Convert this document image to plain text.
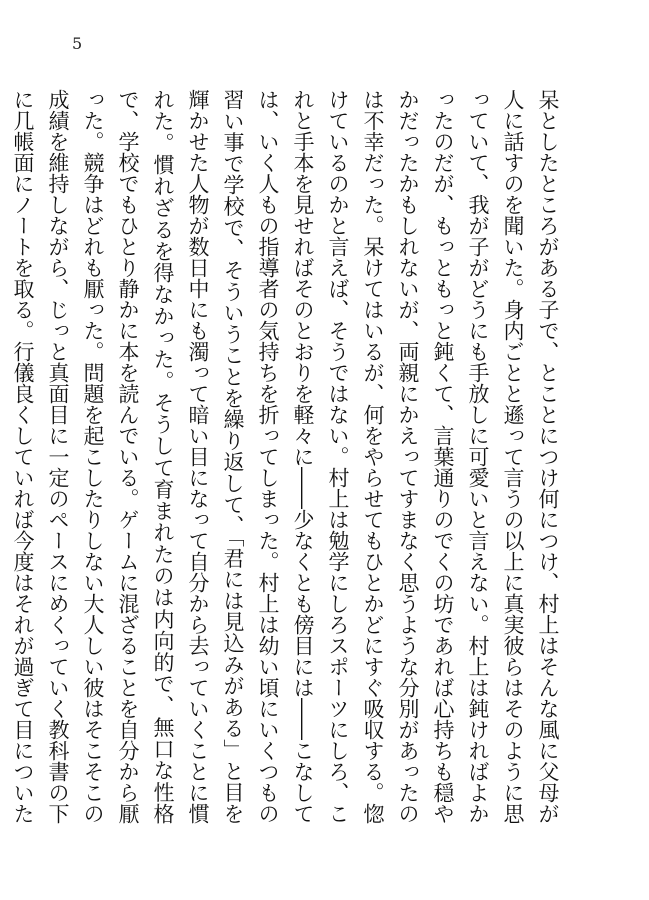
5

呆としたところがある子で、とことにつけ何につけ、村上はそんな風に父母が人に話すのを聞いた。身内ごとと遜って言うの以上に真実彼らはそのように思っていて、我が子がどうにも手放しに可愛いと言えない。村上は鈍ければよかったのだが、もっともっと鈍くて、言葉通りのでくの坊であれば心持ちも穏やかだったかもしれないが、両親にかえってすまなく思うような分別があったのは不幸だった。呆けてはいるが、何をやらせてもひとかどにすぐ吸収する。惚けているのかと言えば、そうではない。村上は勉学にしろスポーツにしろ、これと手本を見せればそのとおりを軽々に――少なくとも傍目には――こなしては、いく人もの指導者の気持ちを折ってしまった。村上は幼い頃にいくつもの習い事で学校で、そういうことを繰り返して、「君には見込みがある」と目を輝かせた人物が数日中にも濁って暗い目になって自分から去っていくことに慣れた。慣れざるを得なかった。そうして育まれたのは内向的で、無口な性格で、学校でもひとり静かに本を読んでいる。ゲームに混ざることを自分から厭った。競争はどれも厭った。問題を起こしたりしない大人しい彼はそこそこの成績を維持しながら、じっと真面目に一定のペースにめくっていく教科書の下に几帳面にノートを取る。行儀良くしていれば今度はそれが過ぎて目についた
